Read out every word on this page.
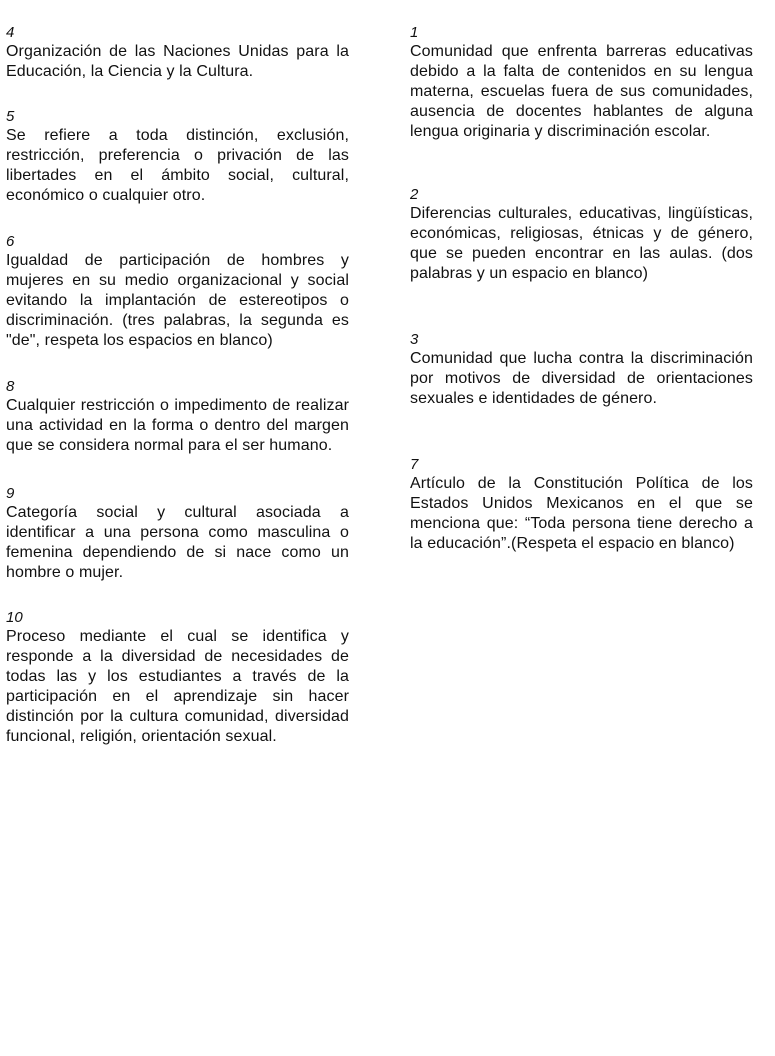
4
Organización de las Naciones Unidas para la Educación, la Ciencia y la Cultura.
5
Se refiere a toda distinción, exclusión, restricción, preferencia o privación de las libertades en el ámbito social, cultural, económico o cualquier otro.
6
Igualdad de participación de hombres y mujeres en su medio organizacional y social evitando la implantación de estereotipos o discriminación. (tres palabras, la segunda es "de", respeta los espacios en blanco)
8
Cualquier restricción o impedimento de realizar una actividad en la forma o dentro del margen que se considera normal para el ser humano.
9
Categoría social y cultural asociada a identificar a una persona como masculina o femenina dependiendo de si nace como un hombre o mujer.
10
Proceso mediante el cual se identifica y responde a la diversidad de necesidades de todas las y los estudiantes a través de la participación en el aprendizaje sin hacer distinción por la cultura comunidad, diversidad funcional, religión, orientación sexual.
1
Comunidad que enfrenta barreras educativas debido a la falta de contenidos en su lengua materna, escuelas fuera de sus comunidades, ausencia de docentes hablantes de alguna lengua originaria y discriminación escolar.
2
Diferencias culturales, educativas, lingüísticas, económicas, religiosas, étnicas y de género, que se pueden encontrar en las aulas. (dos palabras y un espacio en blanco)
3
Comunidad que lucha contra la discriminación por motivos de diversidad de orientaciones sexuales e identidades de género.
7
Artículo de la Constitución Política de los Estados Unidos Mexicanos en el que se menciona que: “Toda persona tiene derecho a la educación”.(Respeta el espacio en blanco)
